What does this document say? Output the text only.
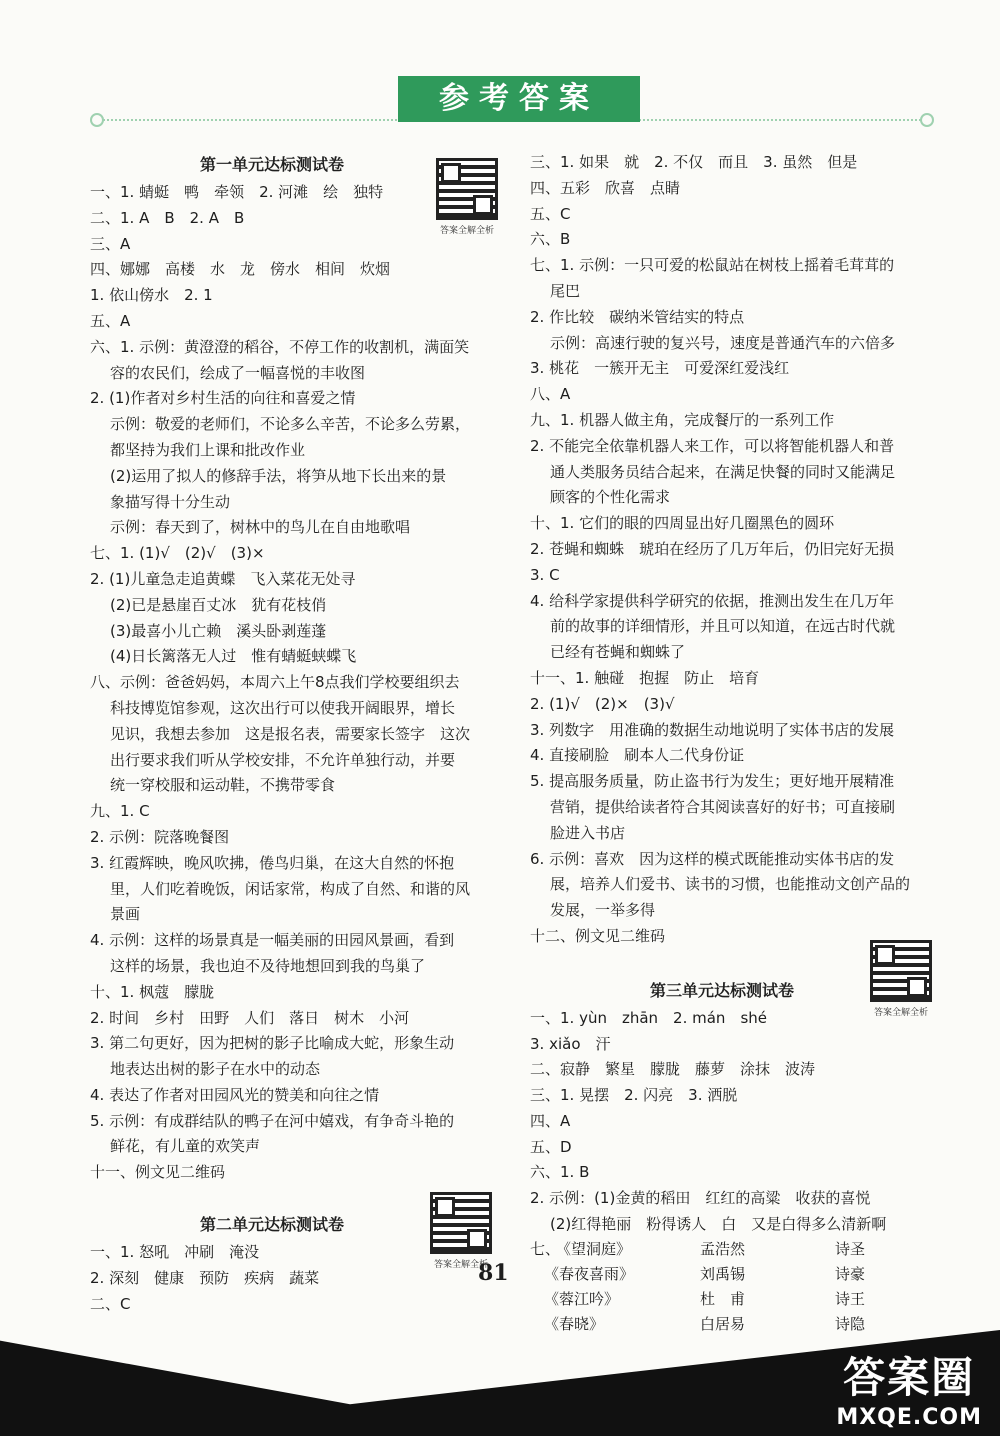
参考答案
第一单元达标测试卷
一、1. 蜻蜓　鸭　牵领　2. 河滩　绘　独特
二、1. A　B　2. A　B
三、A
四、娜娜　高楼　水　龙　傍水　相间　炊烟
1. 依山傍水　2. 1
五、A
六、1. 示例：黄澄澄的稻谷，不停工作的收割机，满面笑
容的农民们，绘成了一幅喜悦的丰收图
2. (1)作者对乡村生活的向往和喜爱之情
示例：敬爱的老师们，不论多么辛苦，不论多么劳累，
都坚持为我们上课和批改作业
(2)运用了拟人的修辞手法，将笋从地下长出来的景
象描写得十分生动
示例：春天到了，树林中的鸟儿在自由地歌唱
七、1. (1)√　(2)√　(3)×
2. (1)儿童急走追黄蝶　飞入菜花无处寻
(2)已是悬崖百丈冰　犹有花枝俏
(3)最喜小儿亡赖　溪头卧剥莲蓬
(4)日长篱落无人过　惟有蜻蜓蛱蝶飞
八、示例：爸爸妈妈，本周六上午8点我们学校要组织去
科技博览馆参观，这次出行可以使我开阔眼界，增长
见识，我想去参加　这是报名表，需要家长签字　这次
出行要求我们听从学校安排，不允许单独行动，并要
统一穿校服和运动鞋，不携带零食
九、1. C
2. 示例：院落晚餐图
3. 红霞辉映，晚风吹拂，倦鸟归巢，在这大自然的怀抱
里，人们吃着晚饭，闲话家常，构成了自然、和谐的风
景画
4. 示例：这样的场景真是一幅美丽的田园风景画，看到
这样的场景，我也迫不及待地想回到我的鸟巢了
十、1. 枫蔻　朦胧
2. 时间　乡村　田野　人们　落日　树木　小河
3. 第二句更好，因为把树的影子比喻成大蛇，形象生动
地表达出树的影子在水中的动态
4. 表达了作者对田园风光的赞美和向往之情
5. 示例：有成群结队的鸭子在河中嬉戏，有争奇斗艳的
鲜花，有儿童的欢笑声
十一、例文见二维码
第二单元达标测试卷
一、1. 怒吼　冲刷　淹没
2. 深刻　健康　预防　疾病　蔬菜
二、C
答案全解全析
答案全解全析
三、1. 如果　就　2. 不仅　而且　3. 虽然　但是
四、五彩　欣喜　点睛
五、C
六、B
七、1. 示例：一只可爱的松鼠站在树枝上摇着毛茸茸的
尾巴
2. 作比较　碳纳米管结实的特点
示例：高速行驶的复兴号，速度是普通汽车的六倍多
3. 桃花　一簇开无主　可爱深红爱浅红
八、A
九、1. 机器人做主角，完成餐厅的一系列工作
2. 不能完全依靠机器人来工作，可以将智能机器人和普
通人类服务员结合起来，在满足快餐的同时又能满足
顾客的个性化需求
十、1. 它们的眼的四周显出好几圈黑色的圆环
2. 苍蝇和蜘蛛　琥珀在经历了几万年后，仍旧完好无损
3. C
4. 给科学家提供科学研究的依据，推测出发生在几万年
前的故事的详细情形，并且可以知道，在远古时代就
已经有苍蝇和蜘蛛了
十一、1. 触碰　抱握　防止　培育
2. (1)√　(2)×　(3)√
3. 列数字　用准确的数据生动地说明了实体书店的发展
4. 直接刷脸　刷本人二代身份证
5. 提高服务质量，防止盗书行为发生；更好地开展精准
营销，提供给读者符合其阅读喜好的好书；可直接刷
脸进入书店
6. 示例：喜欢　因为这样的模式既能推动实体书店的发
展，培养人们爱书、读书的习惯，也能推动文创产品的
发展，一举多得
十二、例文见二维码
第三单元达标测试卷
一、1. yùn　zhān　2. mán　shé
3. xiǎo　汗
二、寂静　繁星　朦胧　藤萝　涂抹　波涛
三、1. 晃摆　2. 闪亮　3. 洒脱
四、A
五、D
六、1. B
2. 示例：(1)金黄的稻田　红红的高粱　收获的喜悦
(2)红得艳丽　粉得诱人　白　又是白得多么清新啊
七、
《望洞庭》
《春夜喜雨》
《蓉江吟》
《春晓》
孟浩然
刘禹锡
杜　甫
白居易
诗圣
诗豪
诗王
诗隐
答案全解全析
81
答案圈
MXQE.COM
